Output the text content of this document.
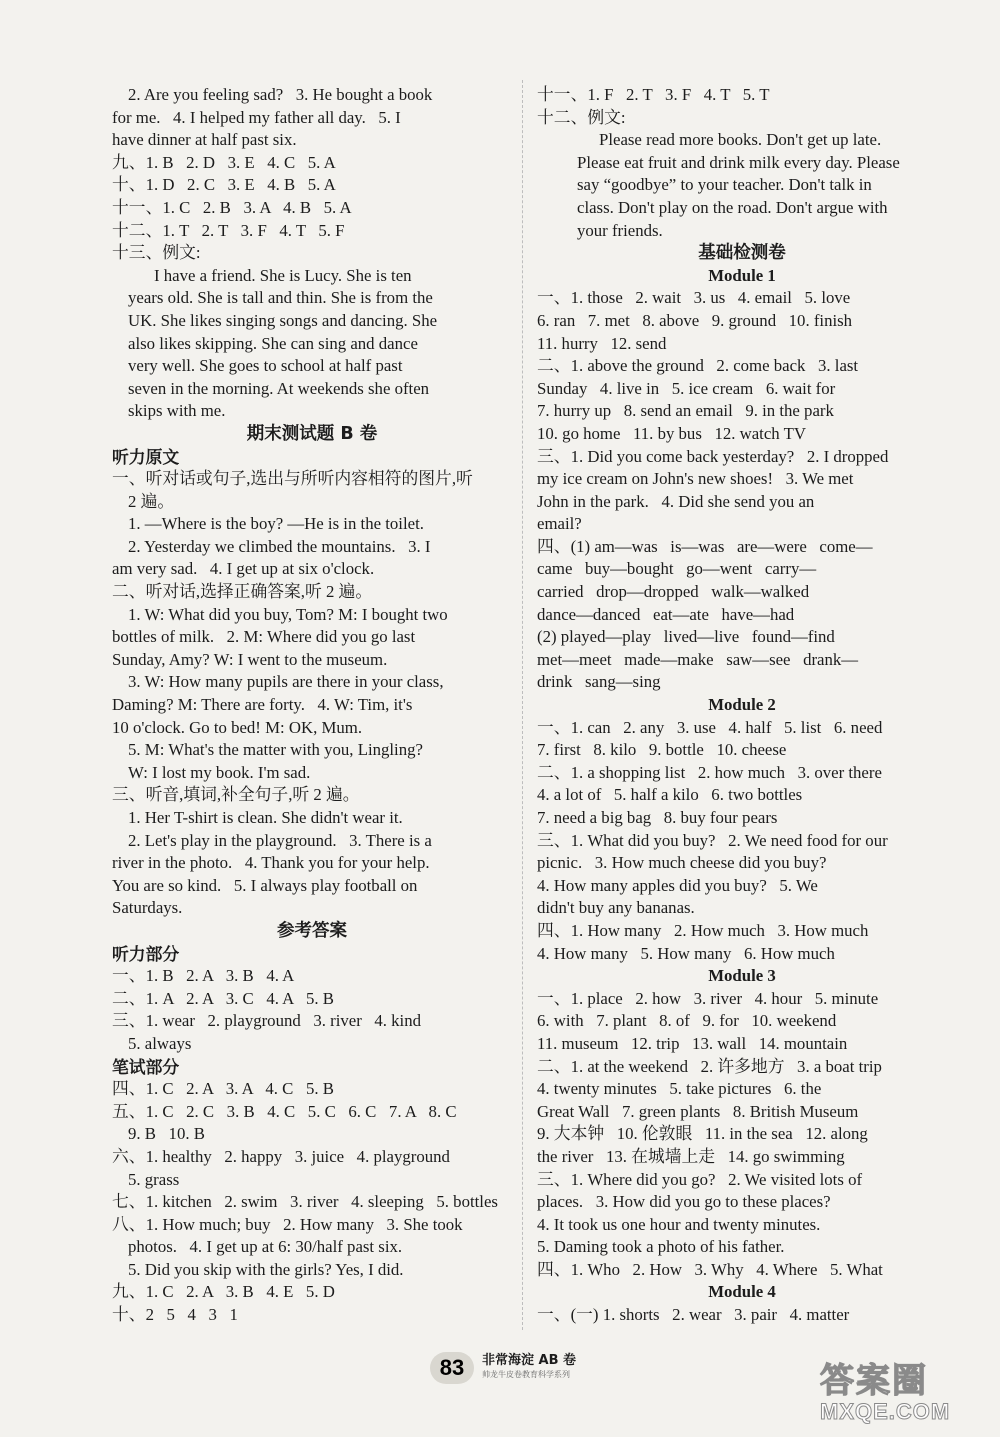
2. Are you feeling sad?   3. He bought a book
for me.   4. I helped my father all day.   5. I
have dinner at half past six.
九、1. B   2. D   3. E   4. C   5. A
十、1. D   2. C   3. E   4. B   5. A
十一、1. C   2. B   3. A   4. B   5. A
十二、1. T   2. T   3. F   4. T   5. F
十三、例文:
I have a friend. She is Lucy. She is ten
years old. She is tall and thin. She is from the
UK. She likes singing songs and dancing. She
also likes skipping. She can sing and dance
very well. She goes to school at half past
seven in the morning. At weekends she often
skips with me.
期末测试题 B 卷
听力原文
一、听对话或句子,选出与所听内容相符的图片,听
2 遍。
1. —Where is the boy? —He is in the toilet.
2. Yesterday we climbed the mountains.   3. I
am very sad.   4. I get up at six o'clock.
二、听对话,选择正确答案,听 2 遍。
1. W: What did you buy, Tom? M: I bought two
bottles of milk.   2. M: Where did you go last
Sunday, Amy? W: I went to the museum.
3. W: How many pupils are there in your class,
Daming? M: There are forty.   4. W: Tim, it's
10 o'clock. Go to bed! M: OK, Mum.
5. M: What's the matter with you, Lingling?
W: I lost my book. I'm sad.
三、听音,填词,补全句子,听 2 遍。
1. Her T-shirt is clean. She didn't wear it.
2. Let's play in the playground.   3. There is a
river in the photo.   4. Thank you for your help.
You are so kind.   5. I always play football on
Saturdays.
参考答案
听力部分
一、1. B   2. A   3. B   4. A
二、1. A   2. A   3. C   4. A   5. B
三、1. wear   2. playground   3. river   4. kind
5. always
笔试部分
四、1. C   2. A   3. A   4. C   5. B
五、1. C   2. C   3. B   4. C   5. C   6. C   7. A   8. C
9. B   10. B
六、1. healthy   2. happy   3. juice   4. playground
5. grass
七、1. kitchen   2. swim   3. river   4. sleeping   5. bottles
八、1. How much; buy   2. How many   3. She took
photos.   4. I get up at 6: 30/half past six.
5. Did you skip with the girls? Yes, I did.
九、1. C   2. A   3. B   4. E   5. D
十、2   5   4   3   1
十一、1. F   2. T   3. F   4. T   5. T
十二、例文:
Please read more books. Don't get up late.
Please eat fruit and drink milk every day. Please
say “goodbye” to your teacher. Don't talk in
class. Don't play on the road. Don't argue with
your friends.
基础检测卷
Module 1
一、1. those   2. wait   3. us   4. email   5. love
6. ran   7. met   8. above   9. ground   10. finish
11. hurry   12. send
二、1. above the ground   2. come back   3. last
Sunday   4. live in   5. ice cream   6. wait for
7. hurry up   8. send an email   9. in the park
10. go home   11. by bus   12. watch TV
三、1. Did you come back yesterday?   2. I dropped
my ice cream on John's new shoes!   3. We met
John in the park.   4. Did she send you an
email?
四、(1) am—was   is—was   are—were   come—
came   buy—bought   go—went   carry—
carried   drop—dropped   walk—walked
dance—danced   eat—ate   have—had
(2) played—play   lived—live   found—find
met—meet   made—make   saw—see   drank—
drink   sang—sing
Module 2
一、1. can   2. any   3. use   4. half   5. list   6. need
7. first   8. kilo   9. bottle   10. cheese
二、1. a shopping list   2. how much   3. over there
4. a lot of   5. half a kilo   6. two bottles
7. need a big bag   8. buy four pears
三、1. What did you buy?   2. We need food for our
picnic.   3. How much cheese did you buy?
4. How many apples did you buy?   5. We
didn't buy any bananas.
四、1. How many   2. How much   3. How much
4. How many   5. How many   6. How much
Module 3
一、1. place   2. how   3. river   4. hour   5. minute
6. with   7. plant   8. of   9. for   10. weekend
11. museum   12. trip   13. wall   14. mountain
二、1. at the weekend   2. 许多地方   3. a boat trip
4. twenty minutes   5. take pictures   6. the
Great Wall   7. green plants   8. British Museum
9. 大本钟   10. 伦敦眼   11. in the sea   12. along
the river   13. 在城墙上走   14. go swimming
三、1. Where did you go?   2. We visited lots of
places.   3. How did you go to these places?
4. It took us one hour and twenty minutes.
5. Daming took a photo of his father.
四、1. Who   2. How   3. Why   4. Where   5. What
Module 4
一、(一) 1. shorts   2. wear   3. pair   4. matter
83	非常海淀 AB 卷
帅龙牛皮卷教育科学系列	答案圈
MXQE.COM
